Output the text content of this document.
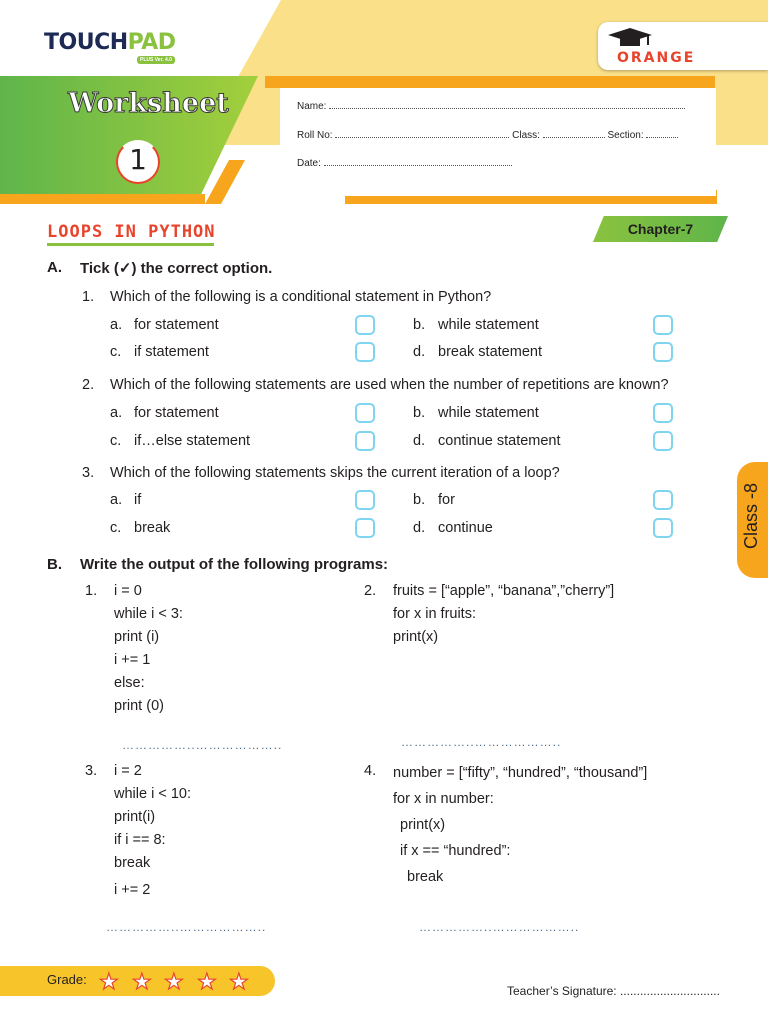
TOUCHPAD
PLUS Ver. 4.0	ORANGE
Worksheet
1
Name:
Roll No:	Class:	Section:
Date:
LOOPS IN PYTHON	Chapter-7
Class -8
A. Tick (✓) the correct option.
1. Which of the following is a conditional statement in Python?
a. for statement	b. while statement
c. if statement	d. break statement
2. Which of the following statements are used when the number of repetitions are known?
a. for statement	b. while statement
c. if…else statement	d. continue statement
3. Which of the following statements skips the current iteration of a loop?
a. if	b. for
c. break	d. continue
B. Write the output of the following programs:
1. i = 0
while i < 3:
print (i)
i += 1
else:
print (0)
……………..………………..
2. fruits = [“apple”, “banana”,”cherry”]
for x in fruits:
print(x)
……………..………………..
3. i = 2
while i < 10:
print(i)
if i == 8:
break
i += 2
……………..………………..
4. number = [“fifty”, “hundred”, “thousand”]
for x in number:
print(x)
if x == “hundred”:
break
……………..………………..
Grade: ★ ★ ★ ★ ★	Teacher’s Signature: ..............................
